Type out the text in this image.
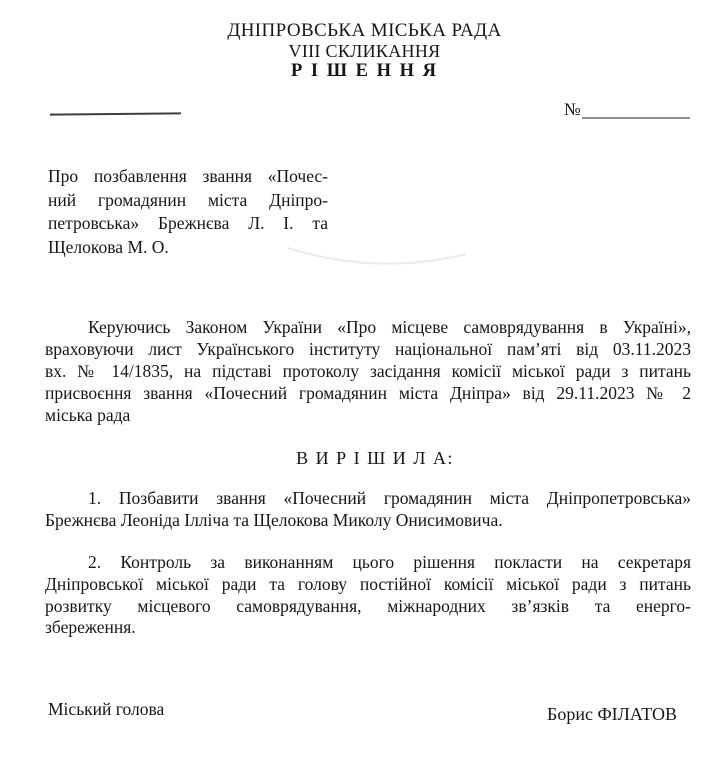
ДНІПРОВСЬКА МІСЬКА РАДА
VIII СКЛИКАННЯ
Р І Ш Е Н Н Я
№
Про позбавлення звання «Почес-
ний громадянин міста Дніпро-
петровська» Брежнєва Л. І. та
Щелокова М. О.
Керуючись Законом України «Про місцеве самоврядування в Україні»,
враховуючи лист Українського інституту національної пам’яті від 03.11.2023
вх. № 14/1835, на підставі протоколу засідання комісії міської ради з питань
присвоєння звання «Почесний громадянин міста Дніпра» від 29.11.2023 № 2
міська рада
В И Р І Ш И Л А:
1. Позбавити звання «Почесний громадянин міста Дніпропетровська»
Брежнєва Леоніда Ілліча та Щелокова Миколу Онисимовича.
2. Контроль за виконанням цього рішення покласти на секретаря
Дніпровської міської ради та голову постійної комісії міської ради з питань
розвитку місцевого самоврядування, міжнародних зв’язків та енерго-
збереження.
Міський голова	Борис ФІЛАТОВ
